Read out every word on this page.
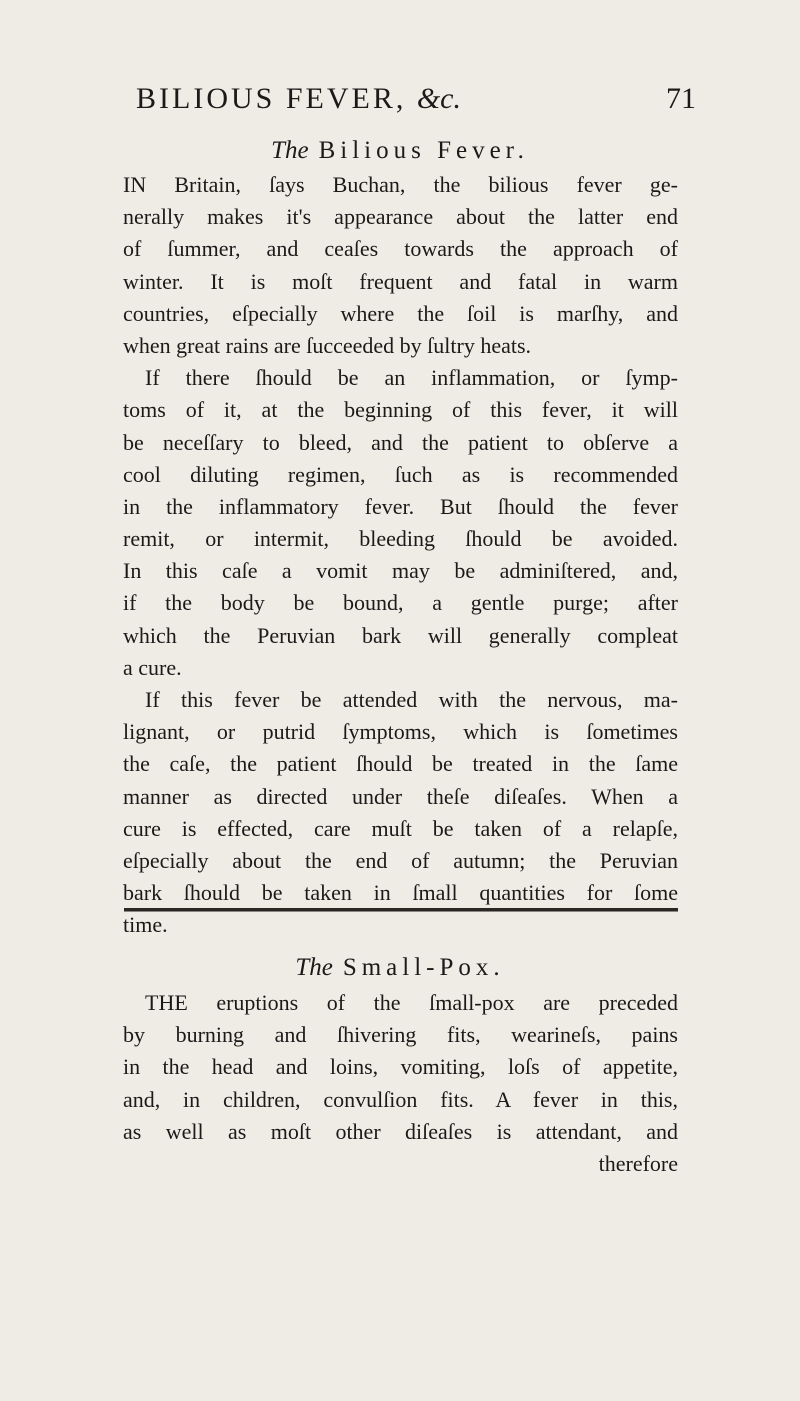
BILIOUS FEVER, &c.	71
The Bilious Fever.
IN Britain, ſays Buchan, the bilious fever ge-
nerally makes it's appearance about the latter end
of ſummer, and ceaſes towards the approach of
winter. It is moſt frequent and fatal in warm
countries, eſpecially where the ſoil is marſhy, and
when great rains are ſucceeded by ſultry heats.
If there ſhould be an inflammation, or ſymp-
toms of it, at the beginning of this fever, it will
be neceſſary to bleed, and the patient to obſerve a
cool diluting regimen, ſuch as is recommended
in the inflammatory fever. But ſhould the fever
remit, or intermit, bleeding ſhould be avoided.
In this caſe a vomit may be adminiſtered, and,
if the body be bound, a gentle purge; after
which the Peruvian bark will generally compleat
a cure.
If this fever be attended with the nervous, ma-
lignant, or putrid ſymptoms, which is ſometimes
the caſe, the patient ſhould be treated in the ſame
manner as directed under theſe diſeaſes. When a
cure is effected, care muſt be taken of a relapſe,
eſpecially about the end of autumn; the Peruvian
bark ſhould be taken in ſmall quantities for ſome
time.
The Small-Pox.
THE eruptions of the ſmall-pox are preceded
by burning and ſhivering fits, wearineſs, pains
in the head and loins, vomiting, loſs of appetite,
and, in children, convulſion fits. A fever in this,
as well as moſt other diſeaſes is attendant, and
therefore
